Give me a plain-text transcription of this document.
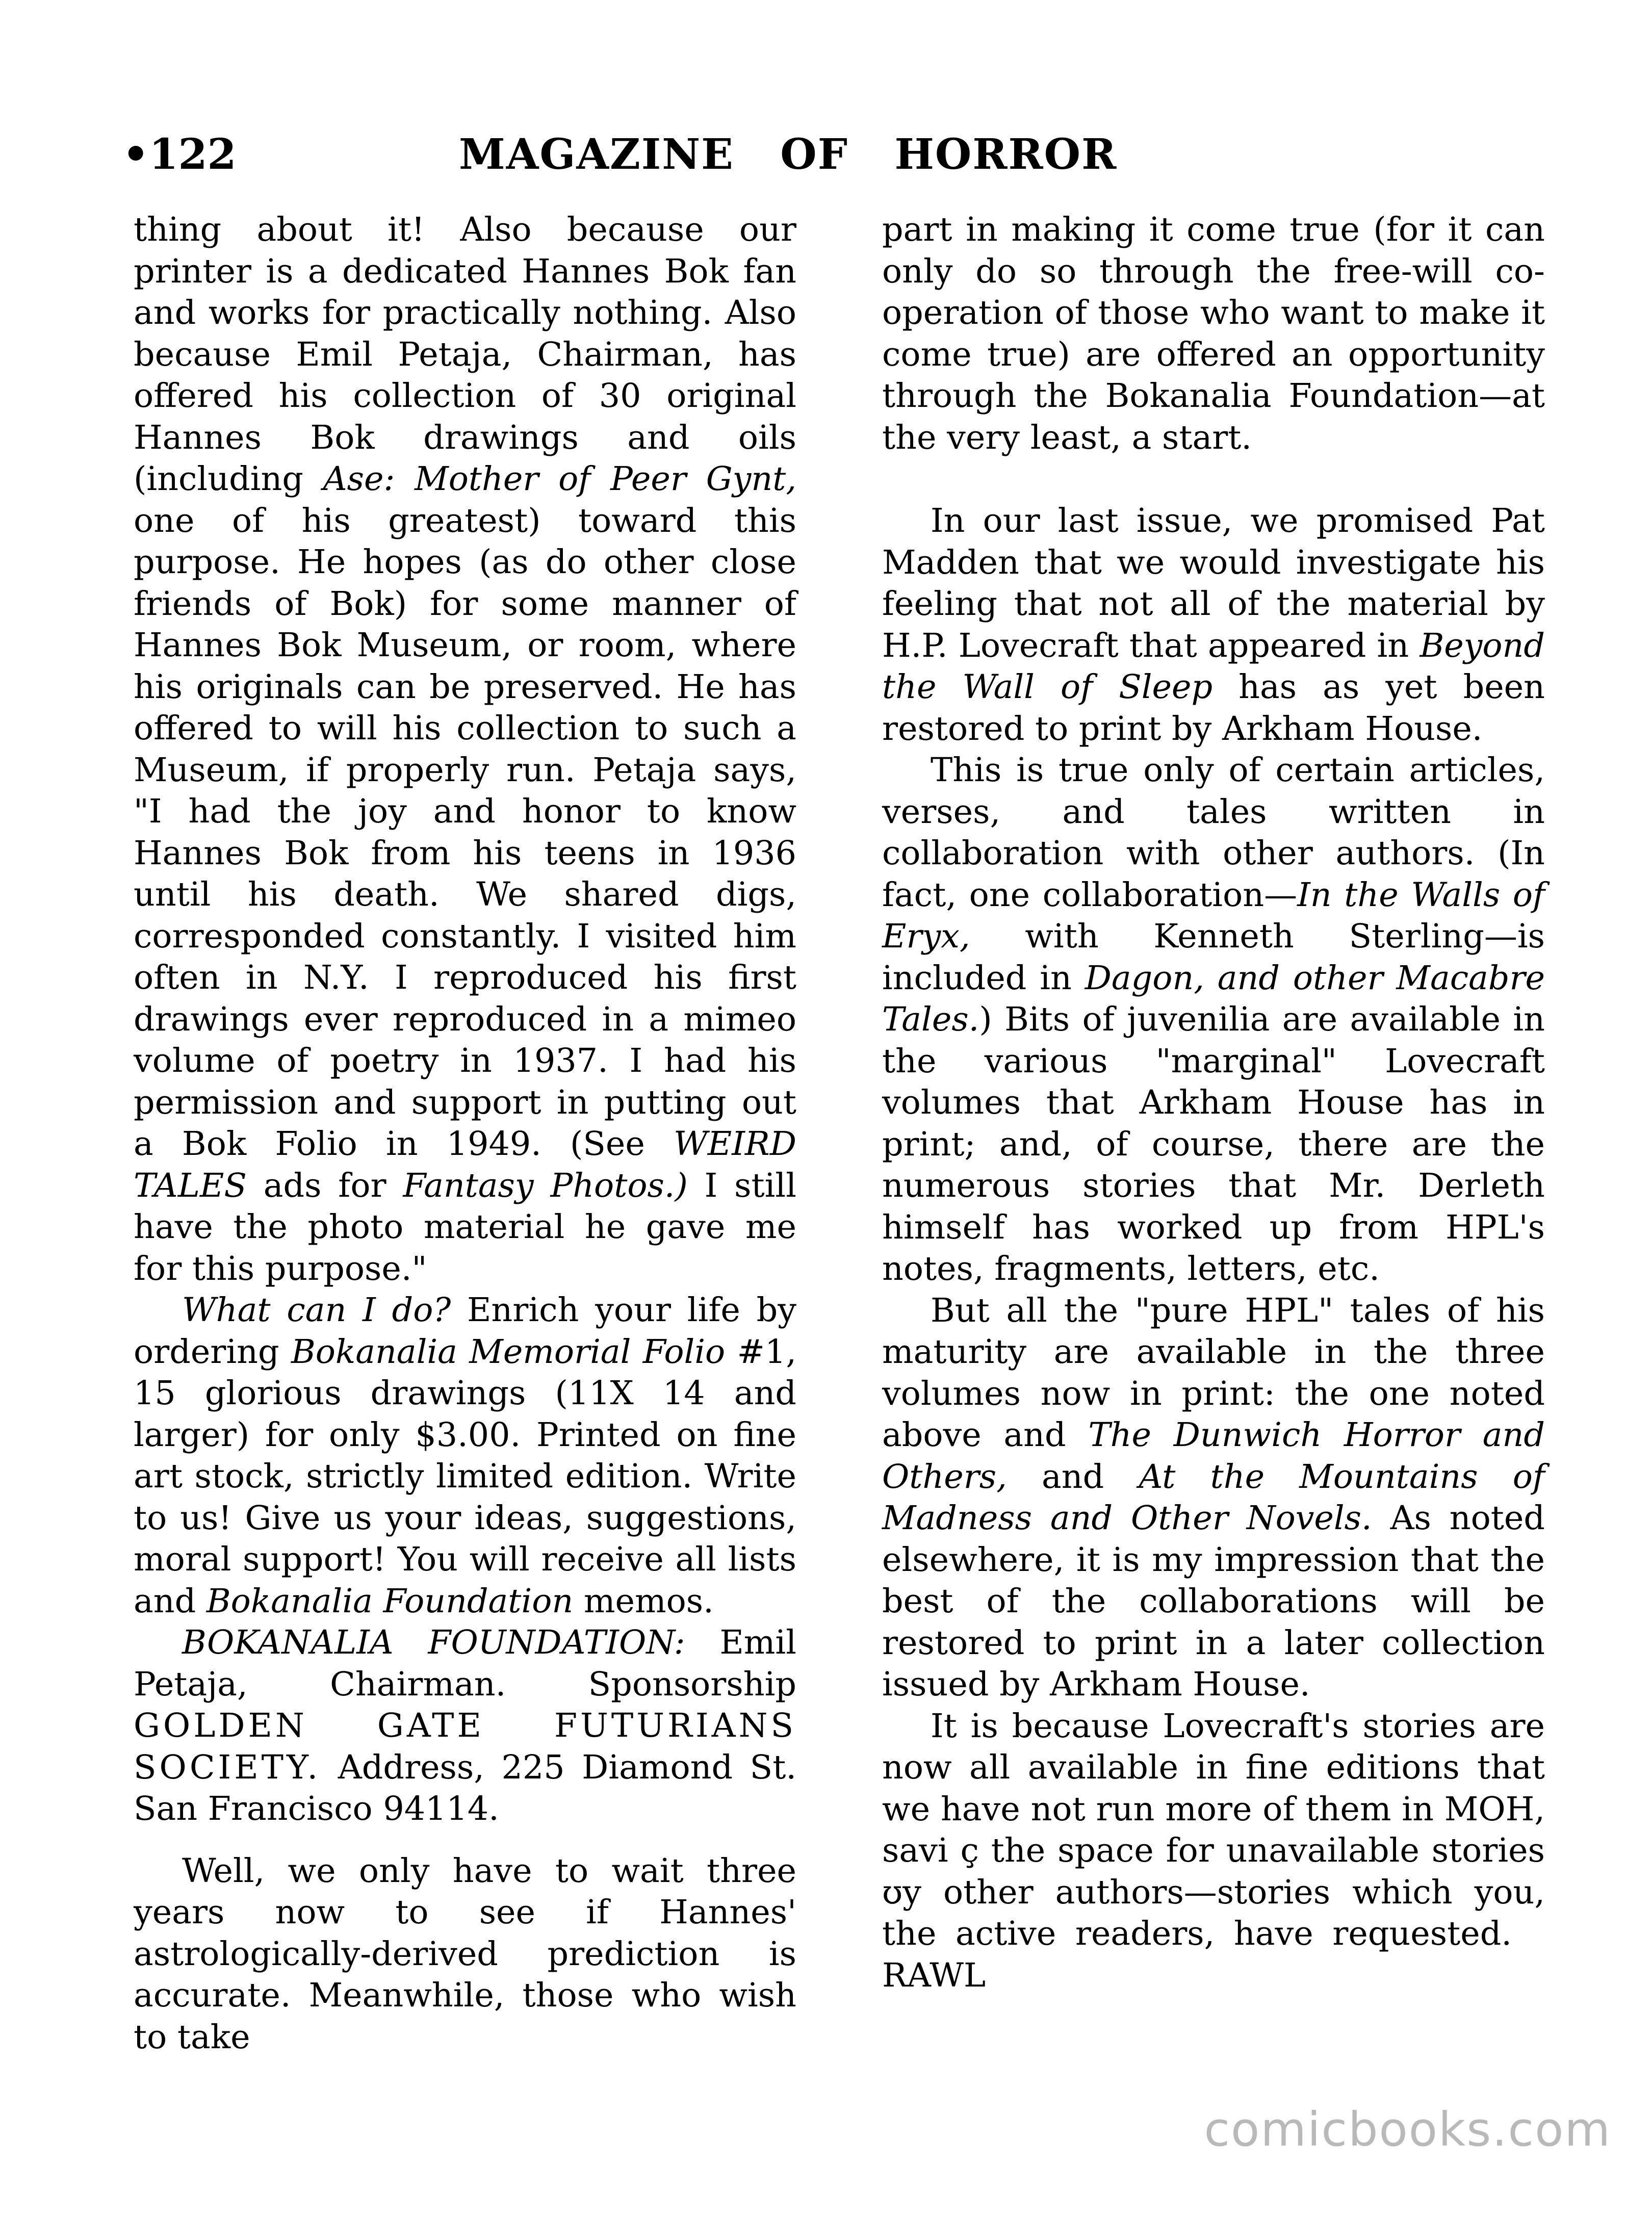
•122	MAGAZINE OF HORROR

thing about it! Also because our printer is a dedicated Hannes Bok fan and works for practically nothing. Also because Emil Petaja, Chairman, has offered his collection of 30 original Hannes Bok drawings and oils (including Ase: Mother of Peer Gynt, one of his greatest) toward this purpose. He hopes (as do other close friends of Bok) for some manner of Hannes Bok Museum, or room, where his originals can be preserved. He has offered to will his collection to such a Museum, if properly run. Petaja says, "I had the joy and honor to know Hannes Bok from his teens in 1936 until his death. We shared digs, corresponded constantly. I visited him often in N.Y. I reproduced his first drawings ever reproduced in a mimeo volume of poetry in 1937. I had his permission and support in putting out a Bok Folio in 1949. (See WEIRD TALES ads for Fantasy Photos.) I still have the photo material he gave me for this purpose."

What can I do? Enrich your life by ordering Bokanalia Memorial Folio #1, 15 glorious drawings (11X 14 and larger) for only $3.00. Printed on fine art stock, strictly limited edition. Write to us! Give us your ideas, suggestions, moral support! You will receive all lists and Bokanalia Foundation memos.

BOKANALIA FOUNDATION: Emil Petaja, Chairman. Sponsorship GOLDEN GATE FUTURIANS SOCIETY. Address, 225 Diamond St. San Francisco 94114.

Well, we only have to wait three years now to see if Hannes' astrologically-derived prediction is accurate. Meanwhile, those who wish to take

part in making it come true (for it can only do so through the free-will co-operation of those who want to make it come true) are offered an opportunity through the Bokanalia Foundation—at the very least, a start.

In our last issue, we promised Pat Madden that we would investigate his feeling that not all of the material by H.P. Lovecraft that appeared in Beyond the Wall of Sleep has as yet been restored to print by Arkham House.

This is true only of certain articles, verses, and tales written in collaboration with other authors. (In fact, one collaboration—In the Walls of Eryx, with Kenneth Sterling—is included in Dagon, and other Macabre Tales.) Bits of juvenilia are available in the various "marginal" Lovecraft volumes that Arkham House has in print; and, of course, there are the numerous stories that Mr. Derleth himself has worked up from HPL's notes, fragments, letters, etc.

But all the "pure HPL" tales of his maturity are available in the three volumes now in print: the one noted above and The Dunwich Horror and Others, and At the Mountains of Madness and Other Novels. As noted elsewhere, it is my impression that the best of the collaborations will be restored to print in a later collection issued by Arkham House.

It is because Lovecraft's stories are now all available in fine editions that we have not run more of them in MOH, savi ç the space for unavailable stories ʊy other authors—stories which you, the active readers, have requested. RAWL

comicbooks.com
